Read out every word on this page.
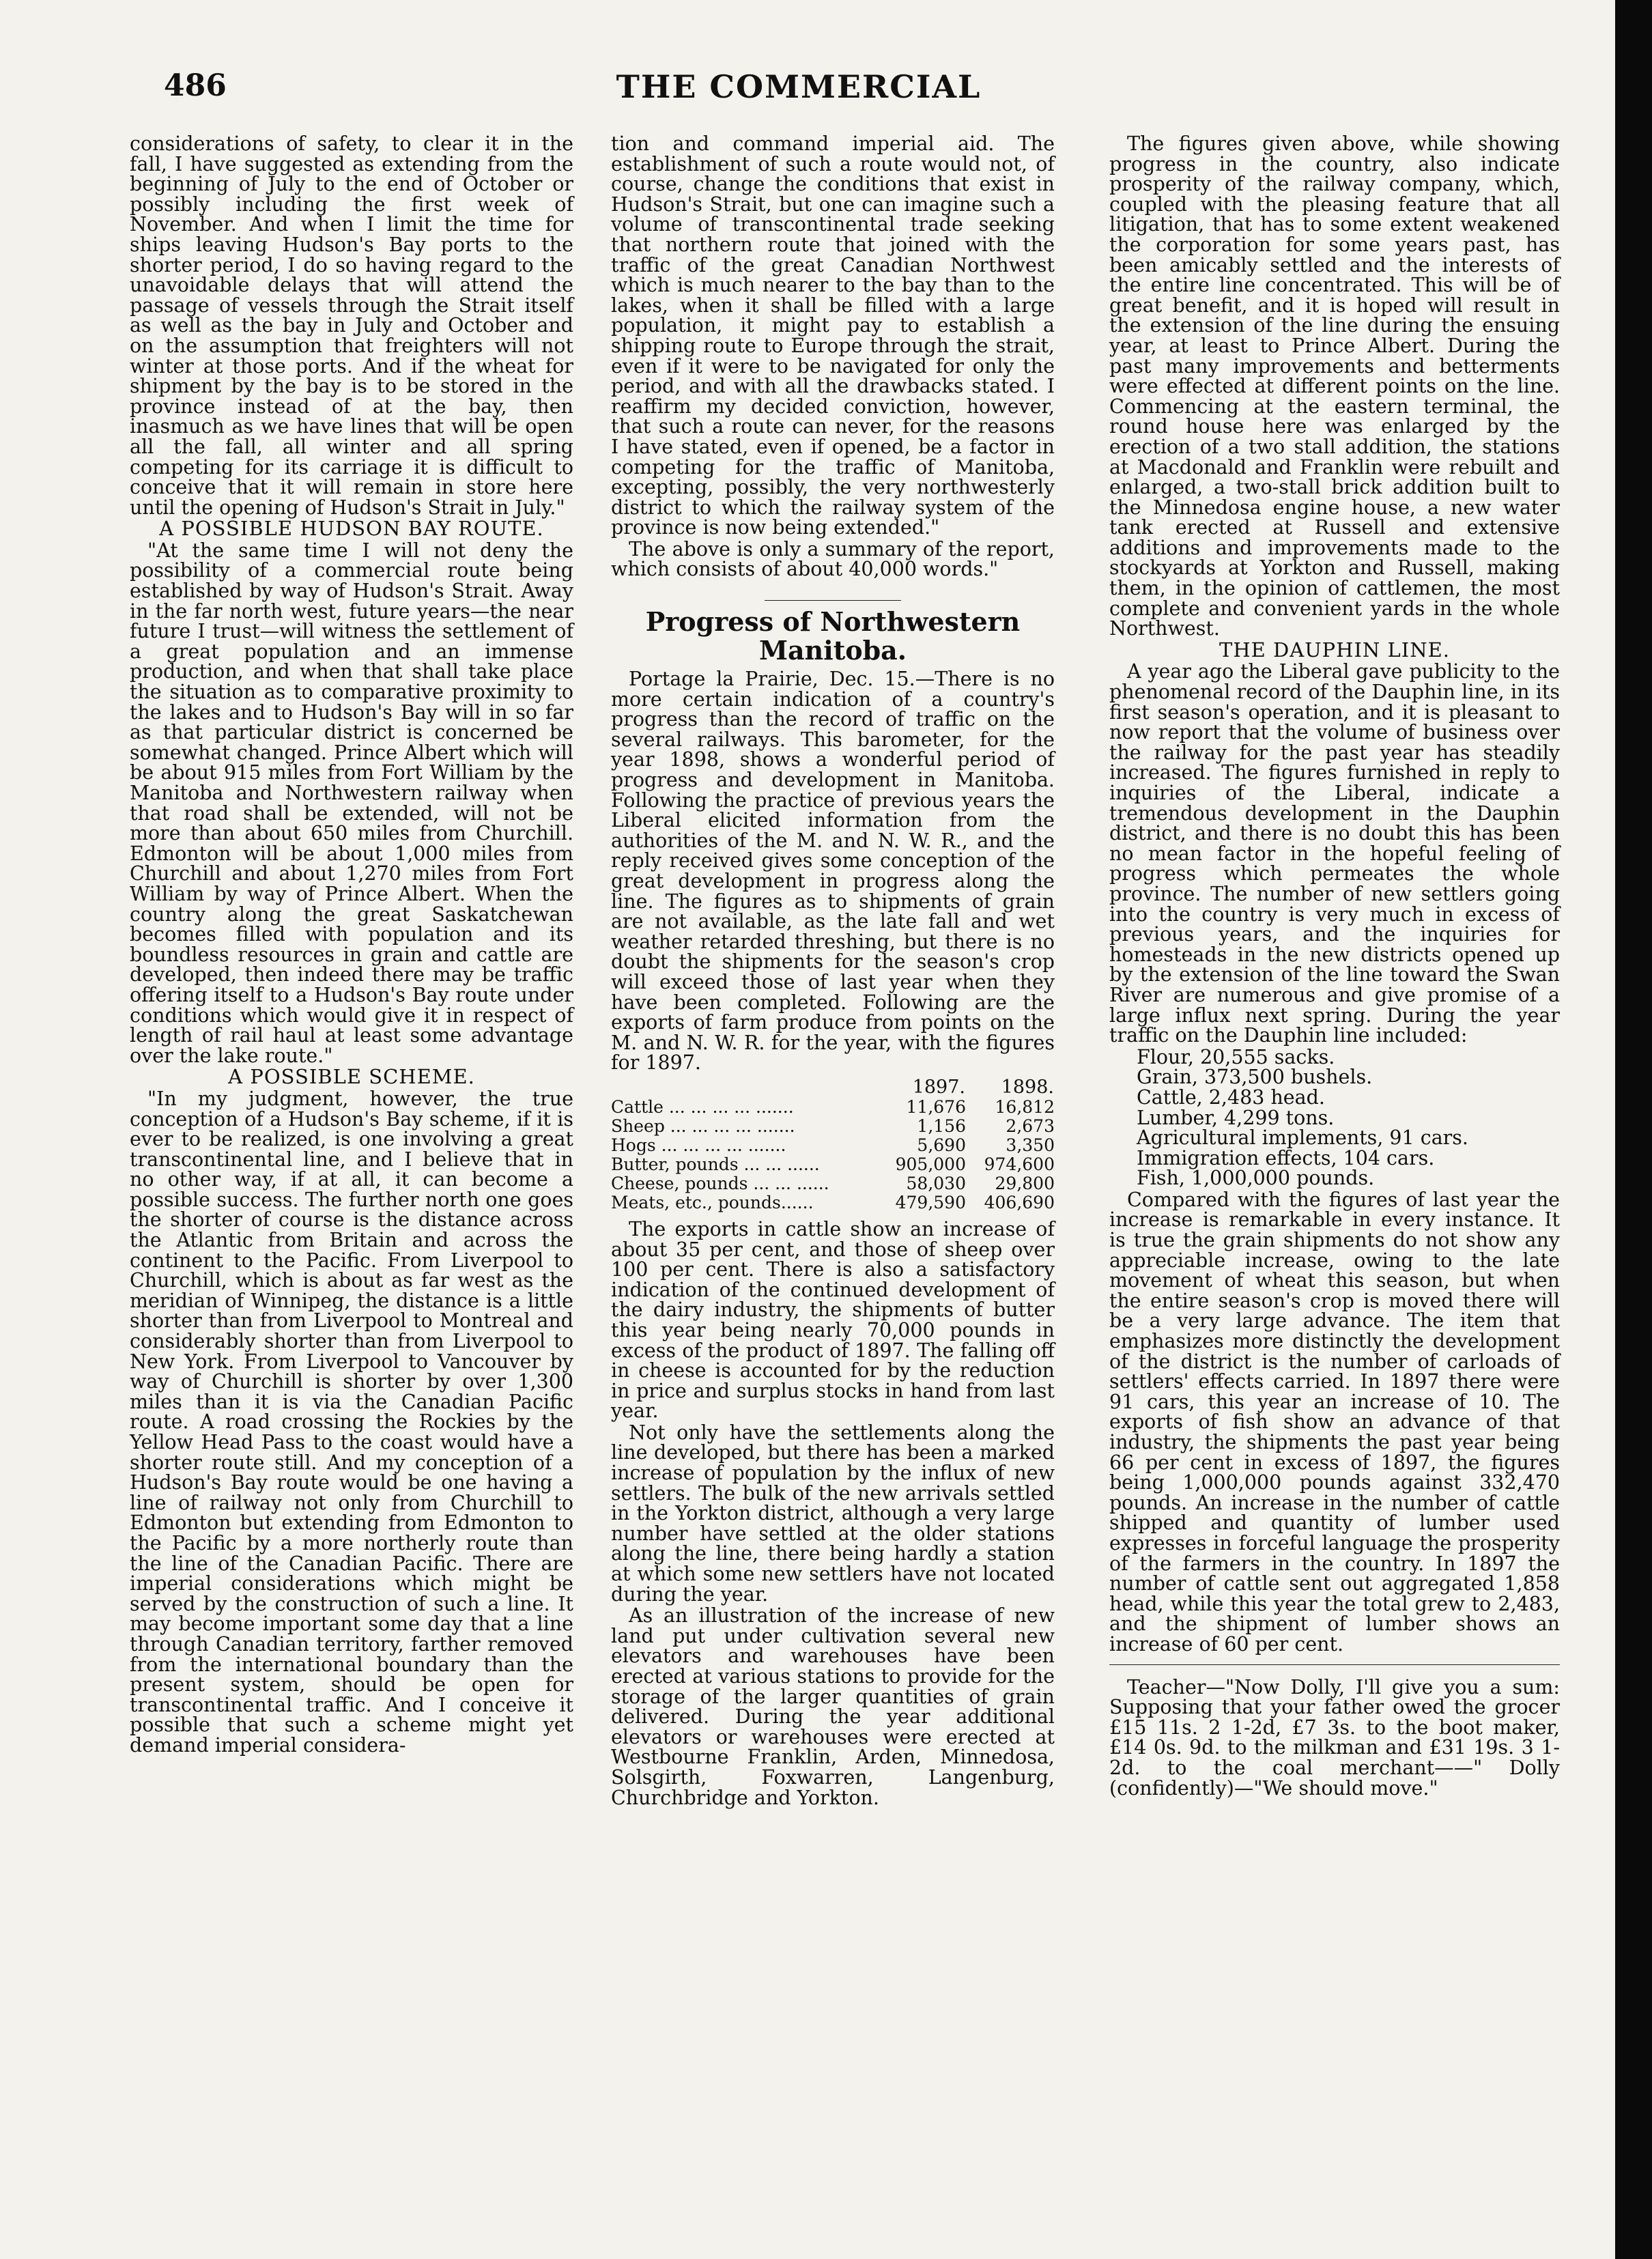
486	THE COMMERCIAL

considerations of safety, to clear it in the fall, I have suggested as extending from the beginning of July to the end of October or possibly including the first week of November. And when I limit the time for ships leaving Hudson's Bay ports to the shorter period, I do so having regard to the unavoidable delays that will attend the passage of vessels through the Strait itself as well as the bay in July and October and on the assumption that freighters will not winter at those ports. And if the wheat for shipment by the bay is to be stored in the province instead of at the bay, then inasmuch as we have lines that will be open all the fall, all winter and all spring competing for its carriage it is difficult to conceive that it will remain in store here until the opening of Hudson's Strait in July."

A POSSIBLE HUDSON BAY ROUTE.

"At the same time I will not deny the possibility of a commercial route being established by way of Hudson's Strait. Away in the far north west, future years—the near future I trust—will witness the settlement of a great population and an immense production, and when that shall take place the situation as to comparative proximity to the lakes and to Hudson's Bay will in so far as that particular district is concerned be somewhat changed. Prince Albert which will be about 915 miles from Fort William by the Manitoba and Northwestern railway when that road shall be extended, will not be more than about 650 miles from Churchill. Edmonton will be about 1,000 miles from Churchill and about 1,270 miles from Fort William by way of Prince Albert. When the country along the great Saskatchewan becomes filled with population and its boundless resources in grain and cattle are developed, then indeed there may be traffic offering itself to a Hudson's Bay route under conditions which would give it in respect of length of rail haul at least some advantage over the lake route."

A POSSIBLE SCHEME.

"In my judgment, however, the true conception of a Hudson's Bay scheme, if it is ever to be realized, is one involving a great transcontinental line, and I believe that in no other way, if at all, it can become a possible success. The further north one goes the shorter of course is the distance across the Atlantic from Britain and across the continent to the Pacific. From Liverpool to Churchill, which is about as far west as the meridian of Winnipeg, the distance is a little shorter than from Liverpool to Montreal and considerably shorter than from Liverpool to New York. From Liverpool to Vancouver by way of Churchill is shorter by over 1,300 miles than it is via the Canadian Pacific route. A road crossing the Rockies by the Yellow Head Pass to the coast would have a shorter route still. And my conception of a Hudson's Bay route would be one having a line of railway not only from Churchill to Edmonton but extending from Edmonton to the Pacific by a more northerly route than the line of the Canadian Pacific. There are imperial considerations which might be served by the construction of such a line. It may become important some day that a line through Canadian territory, farther removed from the international boundary than the present system, should be open for transcontinental traffic. And I conceive it possible that such a scheme might yet demand imperial considera-

tion and command imperial aid. The establishment of such a route would not, of course, change the conditions that exist in Hudson's Strait, but one can imagine such a volume of transcontinental trade seeking that northern route that joined with the traffic of the great Canadian Northwest which is much nearer to the bay than to the lakes, when it shall be filled with a large population, it might pay to establish a shipping route to Europe through the strait, even if it were to be navigated for only the period, and with all the drawbacks stated. I reaffirm my decided conviction, however, that such a route can never, for the reasons I have stated, even if opened, be a factor in competing for the traffic of Manitoba, excepting, possibly, the very northwesterly district to which the railway system of the province is now being extended."

The above is only a summary of the report, which consists of about 40,000 words."

Progress of Northwestern Manitoba.

Portage la Prairie, Dec. 15.—There is no more certain indication of a country's progress than the record of traffic on the several railways. This barometer, for the year 1898, shows a wonderful period of progress and development in Manitoba. Following the practice of previous years the Liberal elicited information from the authorities of the M. and N. W. R., and the reply received gives some conception of the great development in progress along the line. The figures as to shipments of grain are not available, as the late fall and wet weather retarded threshing, but there is no doubt the shipments for the season's crop will exceed those of last year when they have been completed. Following are the exports of farm produce from points on the M. and N. W. R. for the year, with the figures for 1897.

	1897.	1898.
Cattle ... ... ... ... .......	11,676	16,812
Sheep ... ... ... ... .......	1,156	2,673
Hogs ... ... ... ... .......	5,690	3,350
Butter, pounds ... ... ......	905,000	974,600
Cheese, pounds ... ... ......	58,030	29,800
Meats, etc., pounds......	479,590	406,690

The exports in cattle show an increase of about 35 per cent, and those of sheep over 100 per cent. There is also a satisfactory indication of the continued development of the dairy industry, the shipments of butter this year being nearly 70,000 pounds in excess of the product of 1897. The falling off in cheese is accounted for by the reduction in price and surplus stocks in hand from last year.

Not only have the settlements along the line developed, but there has been a marked increase of population by the influx of new settlers. The bulk of the new arrivals settled in the Yorkton district, although a very large number have settled at the older stations along the line, there being hardly a station at which some new settlers have not located during the year.

As an illustration of the increase of new land put under cultivation several new elevators and warehouses have been erected at various stations to provide for the storage of the larger quantities of grain delivered. During the year additional elevators or warehouses were erected at Westbourne Franklin, Arden, Minnedosa, Solsgirth, Foxwarren, Langenburg, Churchbridge and Yorkton.

The figures given above, while showing progress in the country, also indicate prosperity of the railway company, which, coupled with the pleasing feature that all litigation, that has to some extent weakened the corporation for some years past, has been amicably settled and the interests of the entire line concentrated. This will be of great benefit, and it is hoped will result in the extension of the line during the ensuing year, at least to Prince Albert. During the past many improvements and betterments were effected at different points on the line. Commencing at the eastern terminal, the round house here was enlarged by the erection of a two stall addition, the stations at Macdonald and Franklin were rebuilt and enlarged, a two-stall brick addition built to the Minnedosa engine house, a new water tank erected at Russell and extensive additions and improvements made to the stockyards at Yorkton and Russell, making them, in the opinion of cattlemen, the most complete and convenient yards in the whole Northwest.

THE DAUPHIN LINE.

A year ago the Liberal gave publicity to the phenomenal record of the Dauphin line, in its first season's operation, and it is pleasant to now report that the volume of business over the railway for the past year has steadily increased. The figures furnished in reply to inquiries of the Liberal, indicate a tremendous development in the Dauphin district, and there is no doubt this has been no mean factor in the hopeful feeling of progress which permeates the whole province. The number of new settlers going into the country is very much in excess of previous years, and the inquiries for homesteads in the new districts opened up by the extension of the line toward the Swan River are numerous and give promise of a large influx next spring. During the year traffic on the Dauphin line included:

Flour, 20,555 sacks.
Grain, 373,500 bushels.
Cattle, 2,483 head.
Lumber, 4,299 tons.
Agricultural implements, 91 cars.
Immigration effects, 104 cars.
Fish, 1,000,000 pounds.

Compared with the figures of last year the increase is remarkable in every instance. It is true the grain shipments do not show any appreciable increase, owing to the late movement of wheat this season, but when the entire season's crop is moved there will be a very large advance. The item that emphasizes more distinctly the development of the district is the number of carloads of settlers' effects carried. In 1897 there were 91 cars, this year an increase of 10. The exports of fish show an advance of that industry, the shipments the past year being 66 per cent in excess of 1897, the figures being 1,000,000 pounds against 332,470 pounds. An increase in the number of cattle shipped and quantity of lumber used expresses in forceful language the prosperity of the farmers in the country. In 1897 the number of cattle sent out aggregated 1,858 head, while this year the total grew to 2,483, and the shipment of lumber shows an increase of 60 per cent.

Teacher—"Now Dolly, I'll give you a sum: Supposing that your father owed the grocer £15 11s. 2 1-2d, £7 3s. to the boot maker, £14 0s. 9d. to the milkman and £31 19s. 3 1-2d. to the coal merchant——" Dolly (confidently)—"We should move."
